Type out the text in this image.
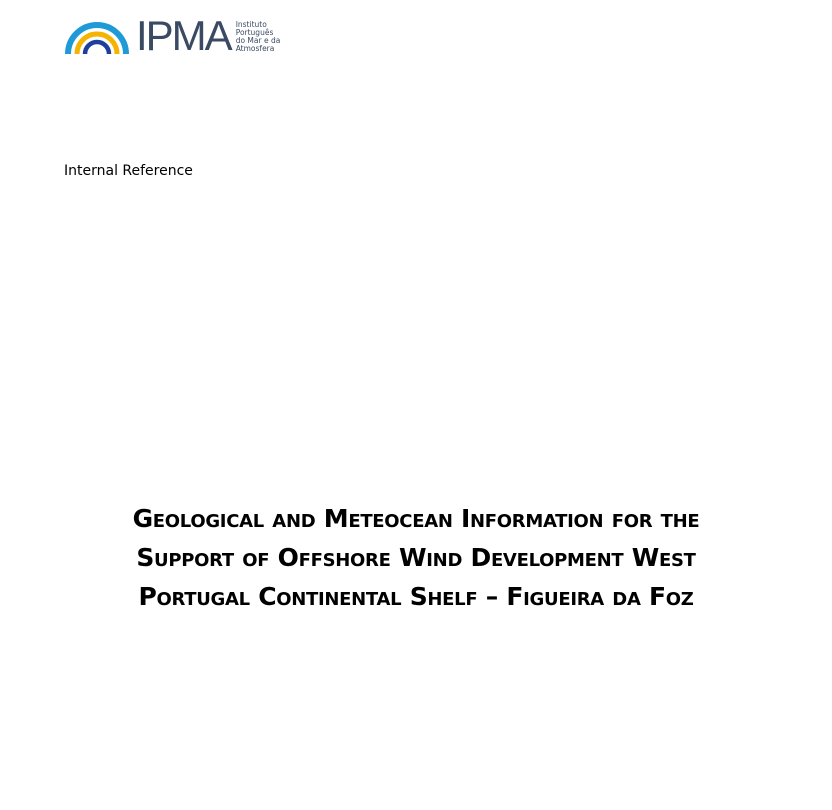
IPMA Instituto
Português
do Mar e da
Atmosfera
Internal Reference
Geological and Meteocean Information for the
Support of Offshore Wind Development West
Portugal Continental Shelf – Figueira da Foz
